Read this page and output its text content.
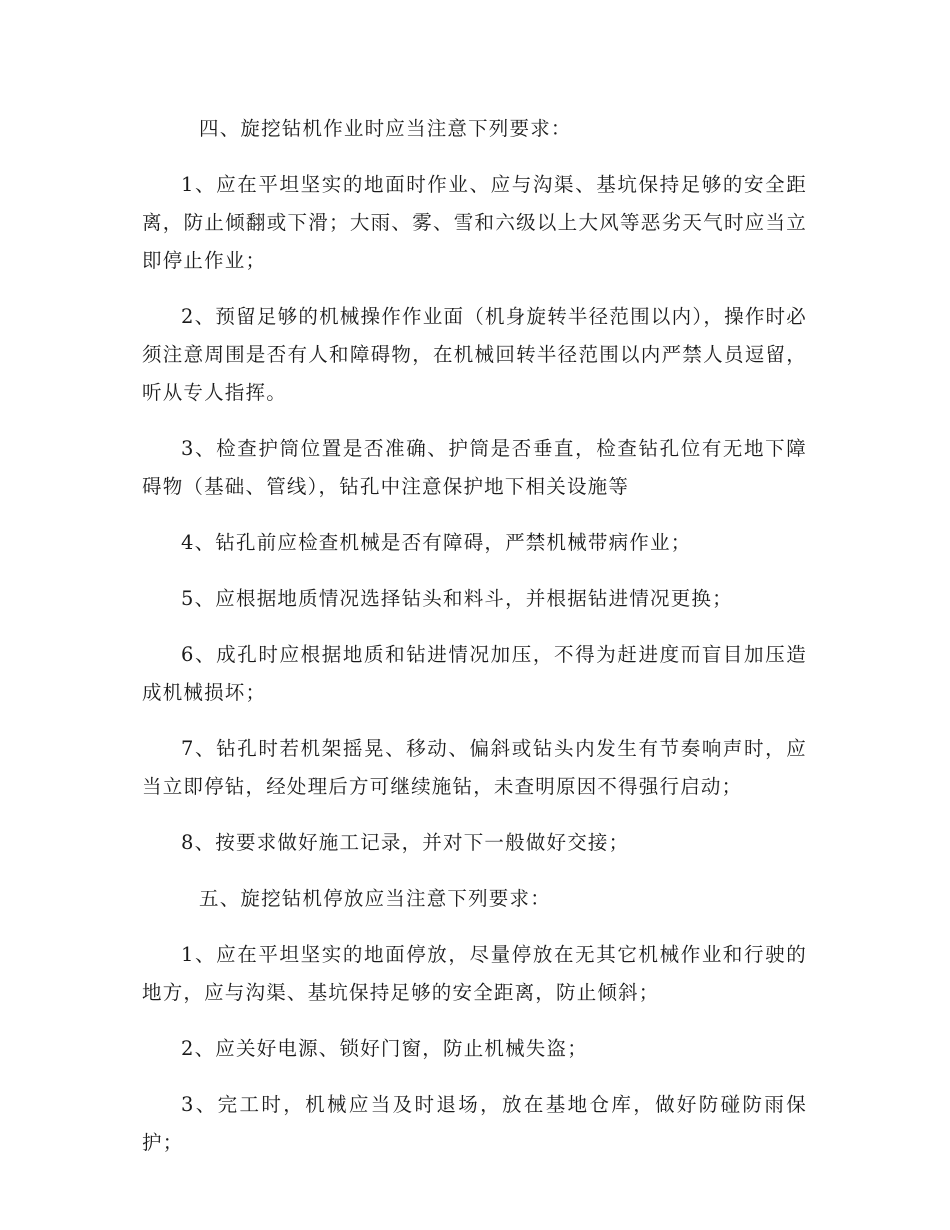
四、旋挖钻机作业时应当注意下列要求：

1、应在平坦坚实的地面时作业、应与沟渠、基坑保持足够的安全距离，防止倾翻或下滑；大雨、雾、雪和六级以上大风等恶劣天气时应当立即停止作业；

2、预留足够的机械操作作业面（机身旋转半径范围以内），操作时必须注意周围是否有人和障碍物，在机械回转半径范围以内严禁人员逗留，听从专人指挥。

3、检查护筒位置是否准确、护筒是否垂直，检查钻孔位有无地下障碍物（基础、管线），钻孔中注意保护地下相关设施等

4、钻孔前应检查机械是否有障碍，严禁机械带病作业；

5、应根据地质情况选择钻头和料斗，并根据钻进情况更换；

6、成孔时应根据地质和钻进情况加压，不得为赶进度而盲目加压造成机械损坏；

7、钻孔时若机架摇晃、移动、偏斜或钻头内发生有节奏响声时，应当立即停钻，经处理后方可继续施钻，未查明原因不得强行启动；

8、按要求做好施工记录，并对下一般做好交接；

五、旋挖钻机停放应当注意下列要求：

1、应在平坦坚实的地面停放，尽量停放在无其它机械作业和行驶的地方，应与沟渠、基坑保持足够的安全距离，防止倾斜；

2、应关好电源、锁好门窗，防止机械失盗；

3、完工时，机械应当及时退场，放在基地仓库，做好防碰防雨保护；
